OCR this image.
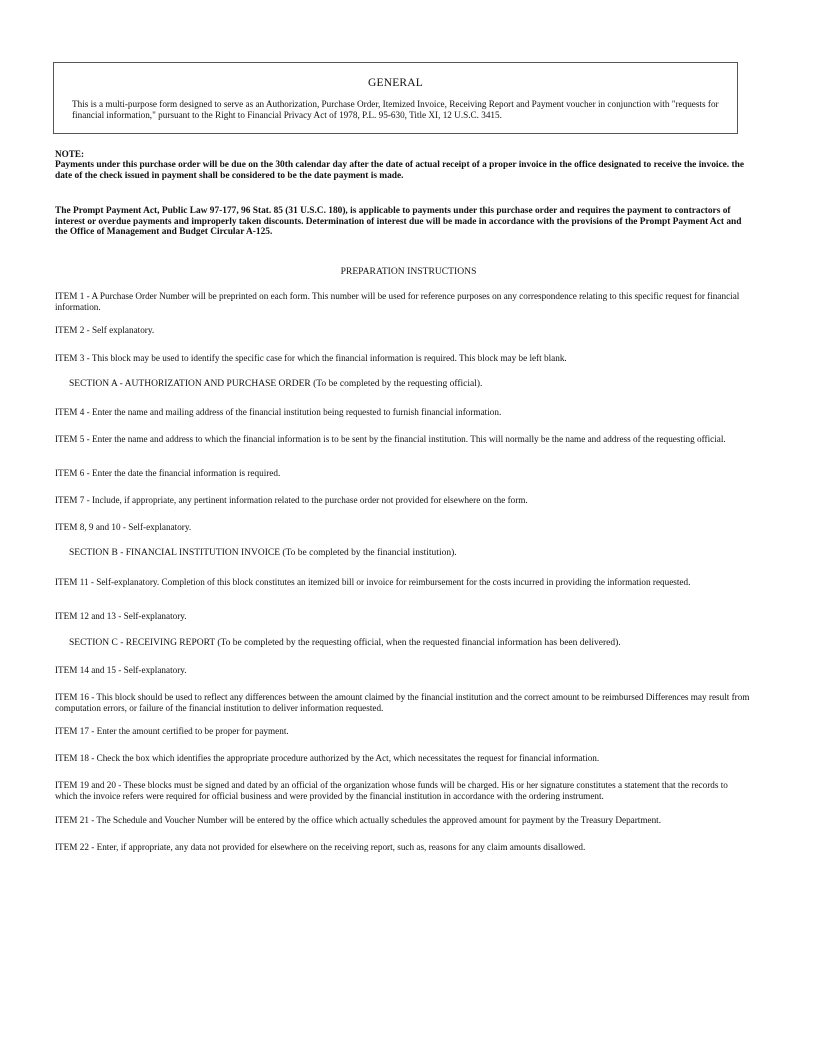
GENERAL
This is a multi-purpose form designed to serve as an Authorization, Purchase Order, Itemized Invoice, Receiving Report and Payment voucher in conjunction with "requests for financial information," pursuant to the Right to Financial Privacy Act of 1978, P.L. 95-630, Title XI, 12 U.S.C. 3415.
NOTE:
Payments under this purchase order will be due on the 30th calendar day after the date of actual receipt of a proper invoice in the office designated to receive the invoice. the date of the check issued in payment shall be considered to be the date payment is made.
The Prompt Payment Act, Public Law 97-177, 96 Stat. 85 (31 U.S.C. 180), is applicable to payments under this purchase order and requires the payment to contractors of interest or overdue payments and improperly taken discounts. Determination of interest due will be made in accordance with the provisions of the Prompt Payment Act and the Office of Management and Budget Circular A-125.
PREPARATION INSTRUCTIONS
ITEM 1 - A Purchase Order Number will be preprinted on each form. This number will be used for reference purposes on any correspondence relating to this specific request for financial information.
ITEM 2 - Self explanatory.
ITEM 3 - This block may be used to identify the specific case for which the financial information is required. This block may be left blank.
SECTION A - AUTHORIZATION AND PURCHASE ORDER (To be completed by the requesting official).
ITEM 4 - Enter the name and mailing address of the financial institution being requested to furnish financial information.
ITEM 5 - Enter the name and address to which the financial information is to be sent by the financial institution. This will normally be the name and address of the requesting official.
ITEM 6 - Enter the date the financial information is required.
ITEM 7 - Include, if appropriate, any pertinent information related to the purchase order not provided for elsewhere on the form.
ITEM 8, 9 and 10 - Self-explanatory.
SECTION B - FINANCIAL INSTITUTION INVOICE (To be completed by the financial institution).
ITEM 11 - Self-explanatory. Completion of this block constitutes an itemized bill or invoice for reimbursement for the costs incurred in providing the information requested.
ITEM 12 and 13 - Self-explanatory.
SECTION C - RECEIVING REPORT (To be completed by the requesting official, when the requested financial information has been delivered).
ITEM 14 and 15 - Self-explanatory.
ITEM 16 - This block should be used to reflect any differences between the amount claimed by the financial institution and the correct amount to be reimbursed Differences may result from computation errors, or failure of the financial institution to deliver information requested.
ITEM 17 - Enter the amount certified to be proper for payment.
ITEM 18 - Check the box which identifies the appropriate procedure authorized by the Act, which necessitates the request for financial information.
ITEM 19 and 20 - These blocks must be signed and dated by an official of the organization whose funds will be charged. His or her signature constitutes a statement that the records to which the invoice refers were required for official business and were provided by the financial institution in accordance with the ordering instrument.
ITEM 21 - The Schedule and Voucher Number will be entered by the office which actually schedules the approved amount for payment by the Treasury Department.
ITEM 22 - Enter, if appropriate, any data not provided for elsewhere on the receiving report, such as, reasons for any claim amounts disallowed.
